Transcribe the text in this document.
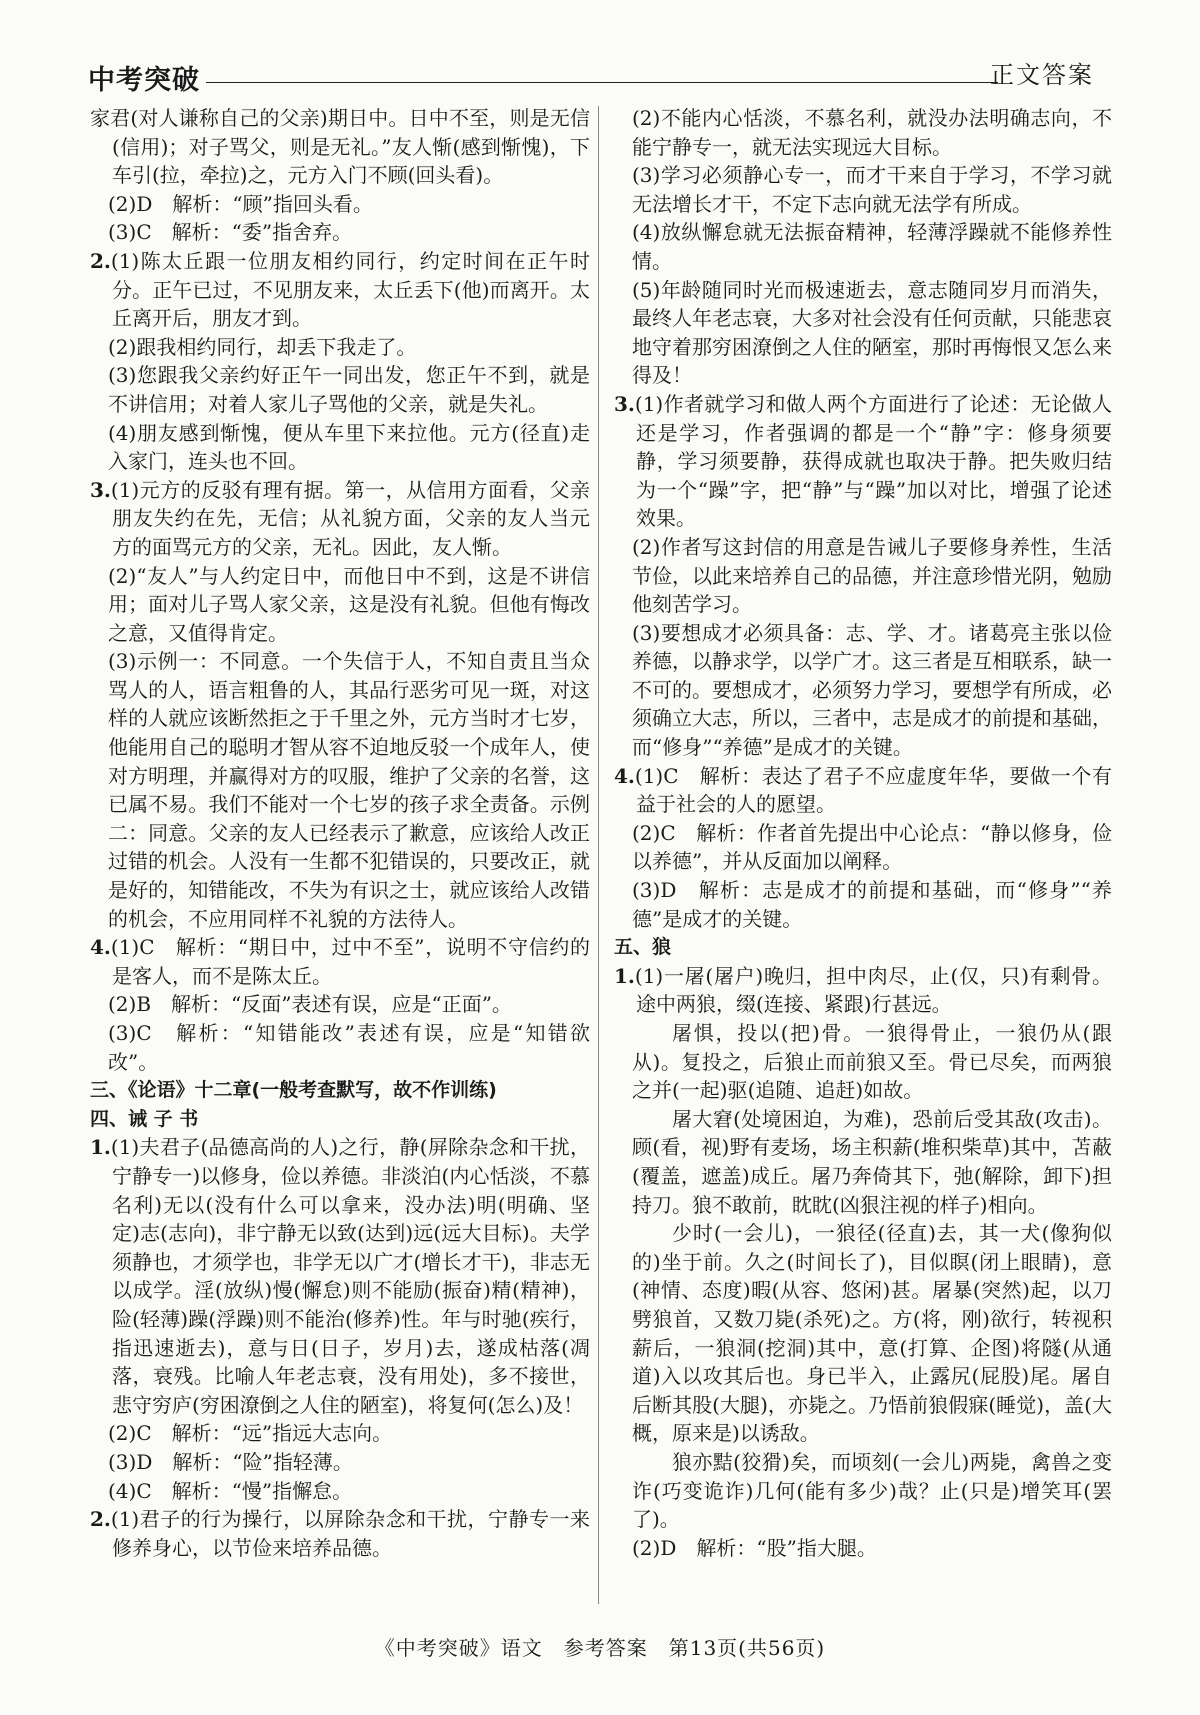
中考突破	正文答案

家君(对人谦称自己的父亲)期日中。日中不至，则是无信(信用)；对子骂父，则是无礼。”友人惭(感到惭愧)，下车引(拉，牵拉)之，元方入门不顾(回头看)。

(2)D　解析：“顾”指回头看。

(3)C　解析：“委”指舍弃。

2.(1)陈太丘跟一位朋友相约同行，约定时间在正午时分。正午已过，不见朋友来，太丘丢下(他)而离开。太丘离开后，朋友才到。

(2)跟我相约同行，却丢下我走了。

(3)您跟我父亲约好正午一同出发，您正午不到，就是不讲信用；对着人家儿子骂他的父亲，就是失礼。

(4)朋友感到惭愧，便从车里下来拉他。元方(径直)走入家门，连头也不回。

3.(1)元方的反驳有理有据。第一，从信用方面看，父亲朋友失约在先，无信；从礼貌方面，父亲的友人当元方的面骂元方的父亲，无礼。因此，友人惭。

(2)“友人”与人约定日中，而他日中不到，这是不讲信用；面对儿子骂人家父亲，这是没有礼貌。但他有悔改之意，又值得肯定。

(3)示例一：不同意。一个失信于人，不知自责且当众骂人的人，语言粗鲁的人，其品行恶劣可见一斑，对这样的人就应该断然拒之于千里之外，元方当时才七岁，他能用自己的聪明才智从容不迫地反驳一个成年人，使对方明理，并赢得对方的叹服，维护了父亲的名誉，这已属不易。我们不能对一个七岁的孩子求全责备。示例二：同意。父亲的友人已经表示了歉意，应该给人改正过错的机会。人没有一生都不犯错误的，只要改正，就是好的，知错能改，不失为有识之士，就应该给人改错的机会，不应用同样不礼貌的方法待人。

4.(1)C　解析：“期日中，过中不至”，说明不守信约的是客人，而不是陈太丘。

(2)B　解析：“反面”表述有误，应是“正面”。

(3)C　解析：“知错能改”表述有误，应是“知错欲改”。

三、《论语》十二章(一般考查默写，故不作训练)

四、诫 子 书

1.(1)夫君子(品德高尚的人)之行，静(屏除杂念和干扰，宁静专一)以修身，俭以养德。非淡泊(内心恬淡，不慕名利)无以(没有什么可以拿来，没办法)明(明确、坚定)志(志向)，非宁静无以致(达到)远(远大目标)。夫学须静也，才须学也，非学无以广才(增长才干)，非志无以成学。淫(放纵)慢(懈怠)则不能励(振奋)精(精神)，险(轻薄)躁(浮躁)则不能治(修养)性。年与时驰(疾行，指迅速逝去)，意与日(日子，岁月)去，遂成枯落(凋落，衰残。比喻人年老志衰，没有用处)，多不接世，悲守穷庐(穷困潦倒之人住的陋室)，将复何(怎么)及！

(2)C　解析：“远”指远大志向。

(3)D　解析：“险”指轻薄。

(4)C　解析：“慢”指懈怠。

2.(1)君子的行为操行，以屏除杂念和干扰，宁静专一来修养身心，以节俭来培养品德。

(2)不能内心恬淡，不慕名利，就没办法明确志向，不能宁静专一，就无法实现远大目标。

(3)学习必须静心专一，而才干来自于学习，不学习就无法增长才干，不定下志向就无法学有所成。

(4)放纵懈怠就无法振奋精神，轻薄浮躁就不能修养性情。

(5)年龄随同时光而极速逝去，意志随同岁月而消失，最终人年老志衰，大多对社会没有任何贡献，只能悲哀地守着那穷困潦倒之人住的陋室，那时再悔恨又怎么来得及！

3.(1)作者就学习和做人两个方面进行了论述：无论做人还是学习，作者强调的都是一个“静”字：修身须要静，学习须要静，获得成就也取决于静。把失败归结为一个“躁”字，把“静”与“躁”加以对比，增强了论述效果。

(2)作者写这封信的用意是告诫儿子要修身养性，生活节俭，以此来培养自己的品德，并注意珍惜光阴，勉励他刻苦学习。

(3)要想成才必须具备：志、学、才。诸葛亮主张以俭养德，以静求学，以学广才。这三者是互相联系，缺一不可的。要想成才，必须努力学习，要想学有所成，必须确立大志，所以，三者中，志是成才的前提和基础，而“修身”“养德”是成才的关键。

4.(1)C　解析：表达了君子不应虚度年华，要做一个有益于社会的人的愿望。

(2)C　解析：作者首先提出中心论点：“静以修身，俭以养德”，并从反面加以阐释。

(3)D　解析：志是成才的前提和基础，而“修身”“养德”是成才的关键。

五、狼

1.(1)一屠(屠户)晚归，担中肉尽，止(仅，只)有剩骨。途中两狼，缀(连接、紧跟)行甚远。

屠惧，投以(把)骨。一狼得骨止，一狼仍从(跟从)。复投之，后狼止而前狼又至。骨已尽矣，而两狼之并(一起)驱(追随、追赶)如故。

屠大窘(处境困迫，为难)，恐前后受其敌(攻击)。顾(看，视)野有麦场，场主积薪(堆积柴草)其中，苫蔽(覆盖，遮盖)成丘。屠乃奔倚其下，弛(解除，卸下)担持刀。狼不敢前，眈眈(凶狠注视的样子)相向。

少时(一会儿)，一狼径(径直)去，其一犬(像狗似的)坐于前。久之(时间长了)，目似瞑(闭上眼睛)，意(神情、态度)暇(从容、悠闲)甚。屠暴(突然)起，以刀劈狼首，又数刀毙(杀死)之。方(将，刚)欲行，转视积薪后，一狼洞(挖洞)其中，意(打算、企图)将隧(从通道)入以攻其后也。身已半入，止露尻(屁股)尾。屠自后断其股(大腿)，亦毙之。乃悟前狼假寐(睡觉)，盖(大概，原来是)以诱敌。

狼亦黠(狡猾)矣，而顷刻(一会儿)两毙，禽兽之变诈(巧变诡诈)几何(能有多少)哉？止(只是)增笑耳(罢了)。

(2)D　解析：“股”指大腿。

《中考突破》语文　参考答案　第13页(共56页)
